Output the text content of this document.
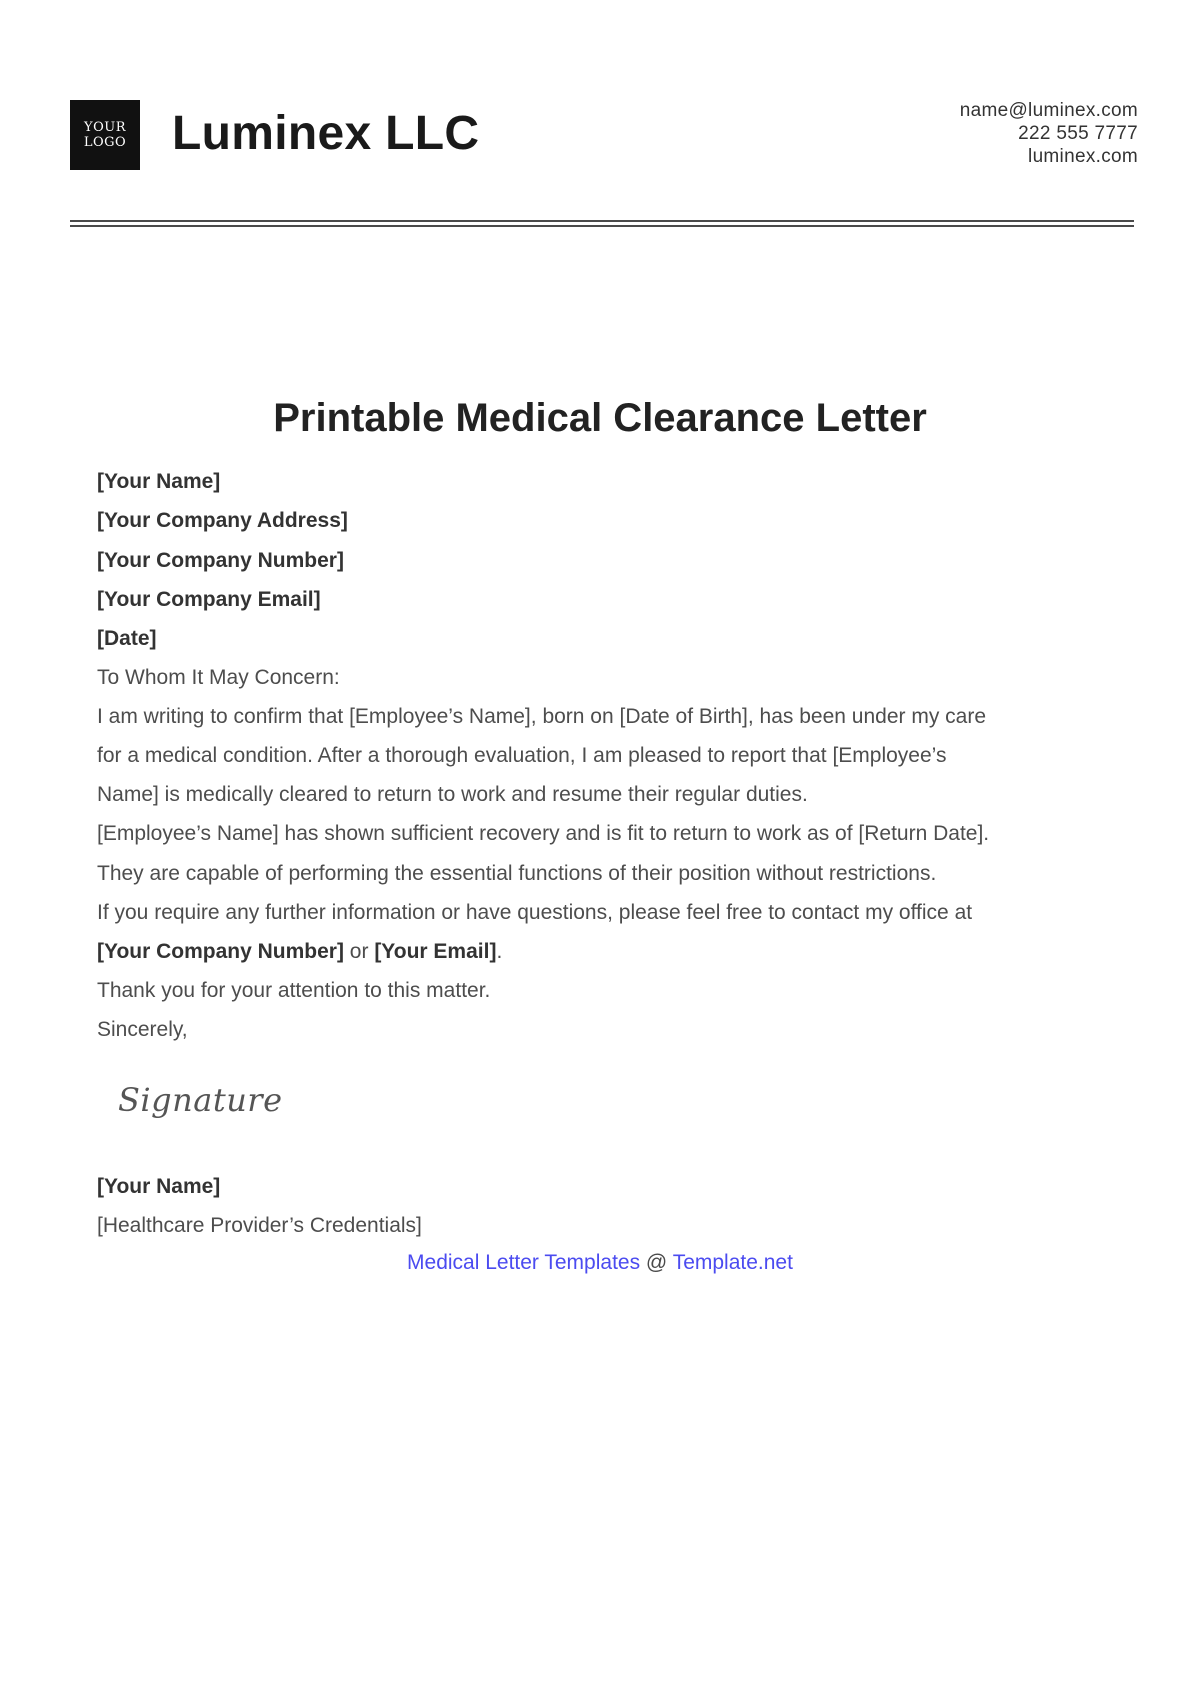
YOUR
LOGO Luminex LLC	name@luminex.com
222 555 7777
luminex.com
Printable Medical Clearance Letter
[Your Name]
[Your Company Address]
[Your Company Number]
[Your Company Email]
[Date]
To Whom It May Concern:
I am writing to confirm that [Employee’s Name], born on [Date of Birth], has been under my care
for a medical condition. After a thorough evaluation, I am pleased to report that [Employee’s
Name] is medically cleared to return to work and resume their regular duties.
[Employee’s Name] has shown sufficient recovery and is fit to return to work as of [Return Date].
They are capable of performing the essential functions of their position without restrictions.
If you require any further information or have questions, please feel free to contact my office at
[Your Company Number] or [Your Email].
Thank you for your attention to this matter.
Sincerely,
Signature
[Your Name]
[Healthcare Provider’s Credentials]
Medical Letter Templates @ Template.net
